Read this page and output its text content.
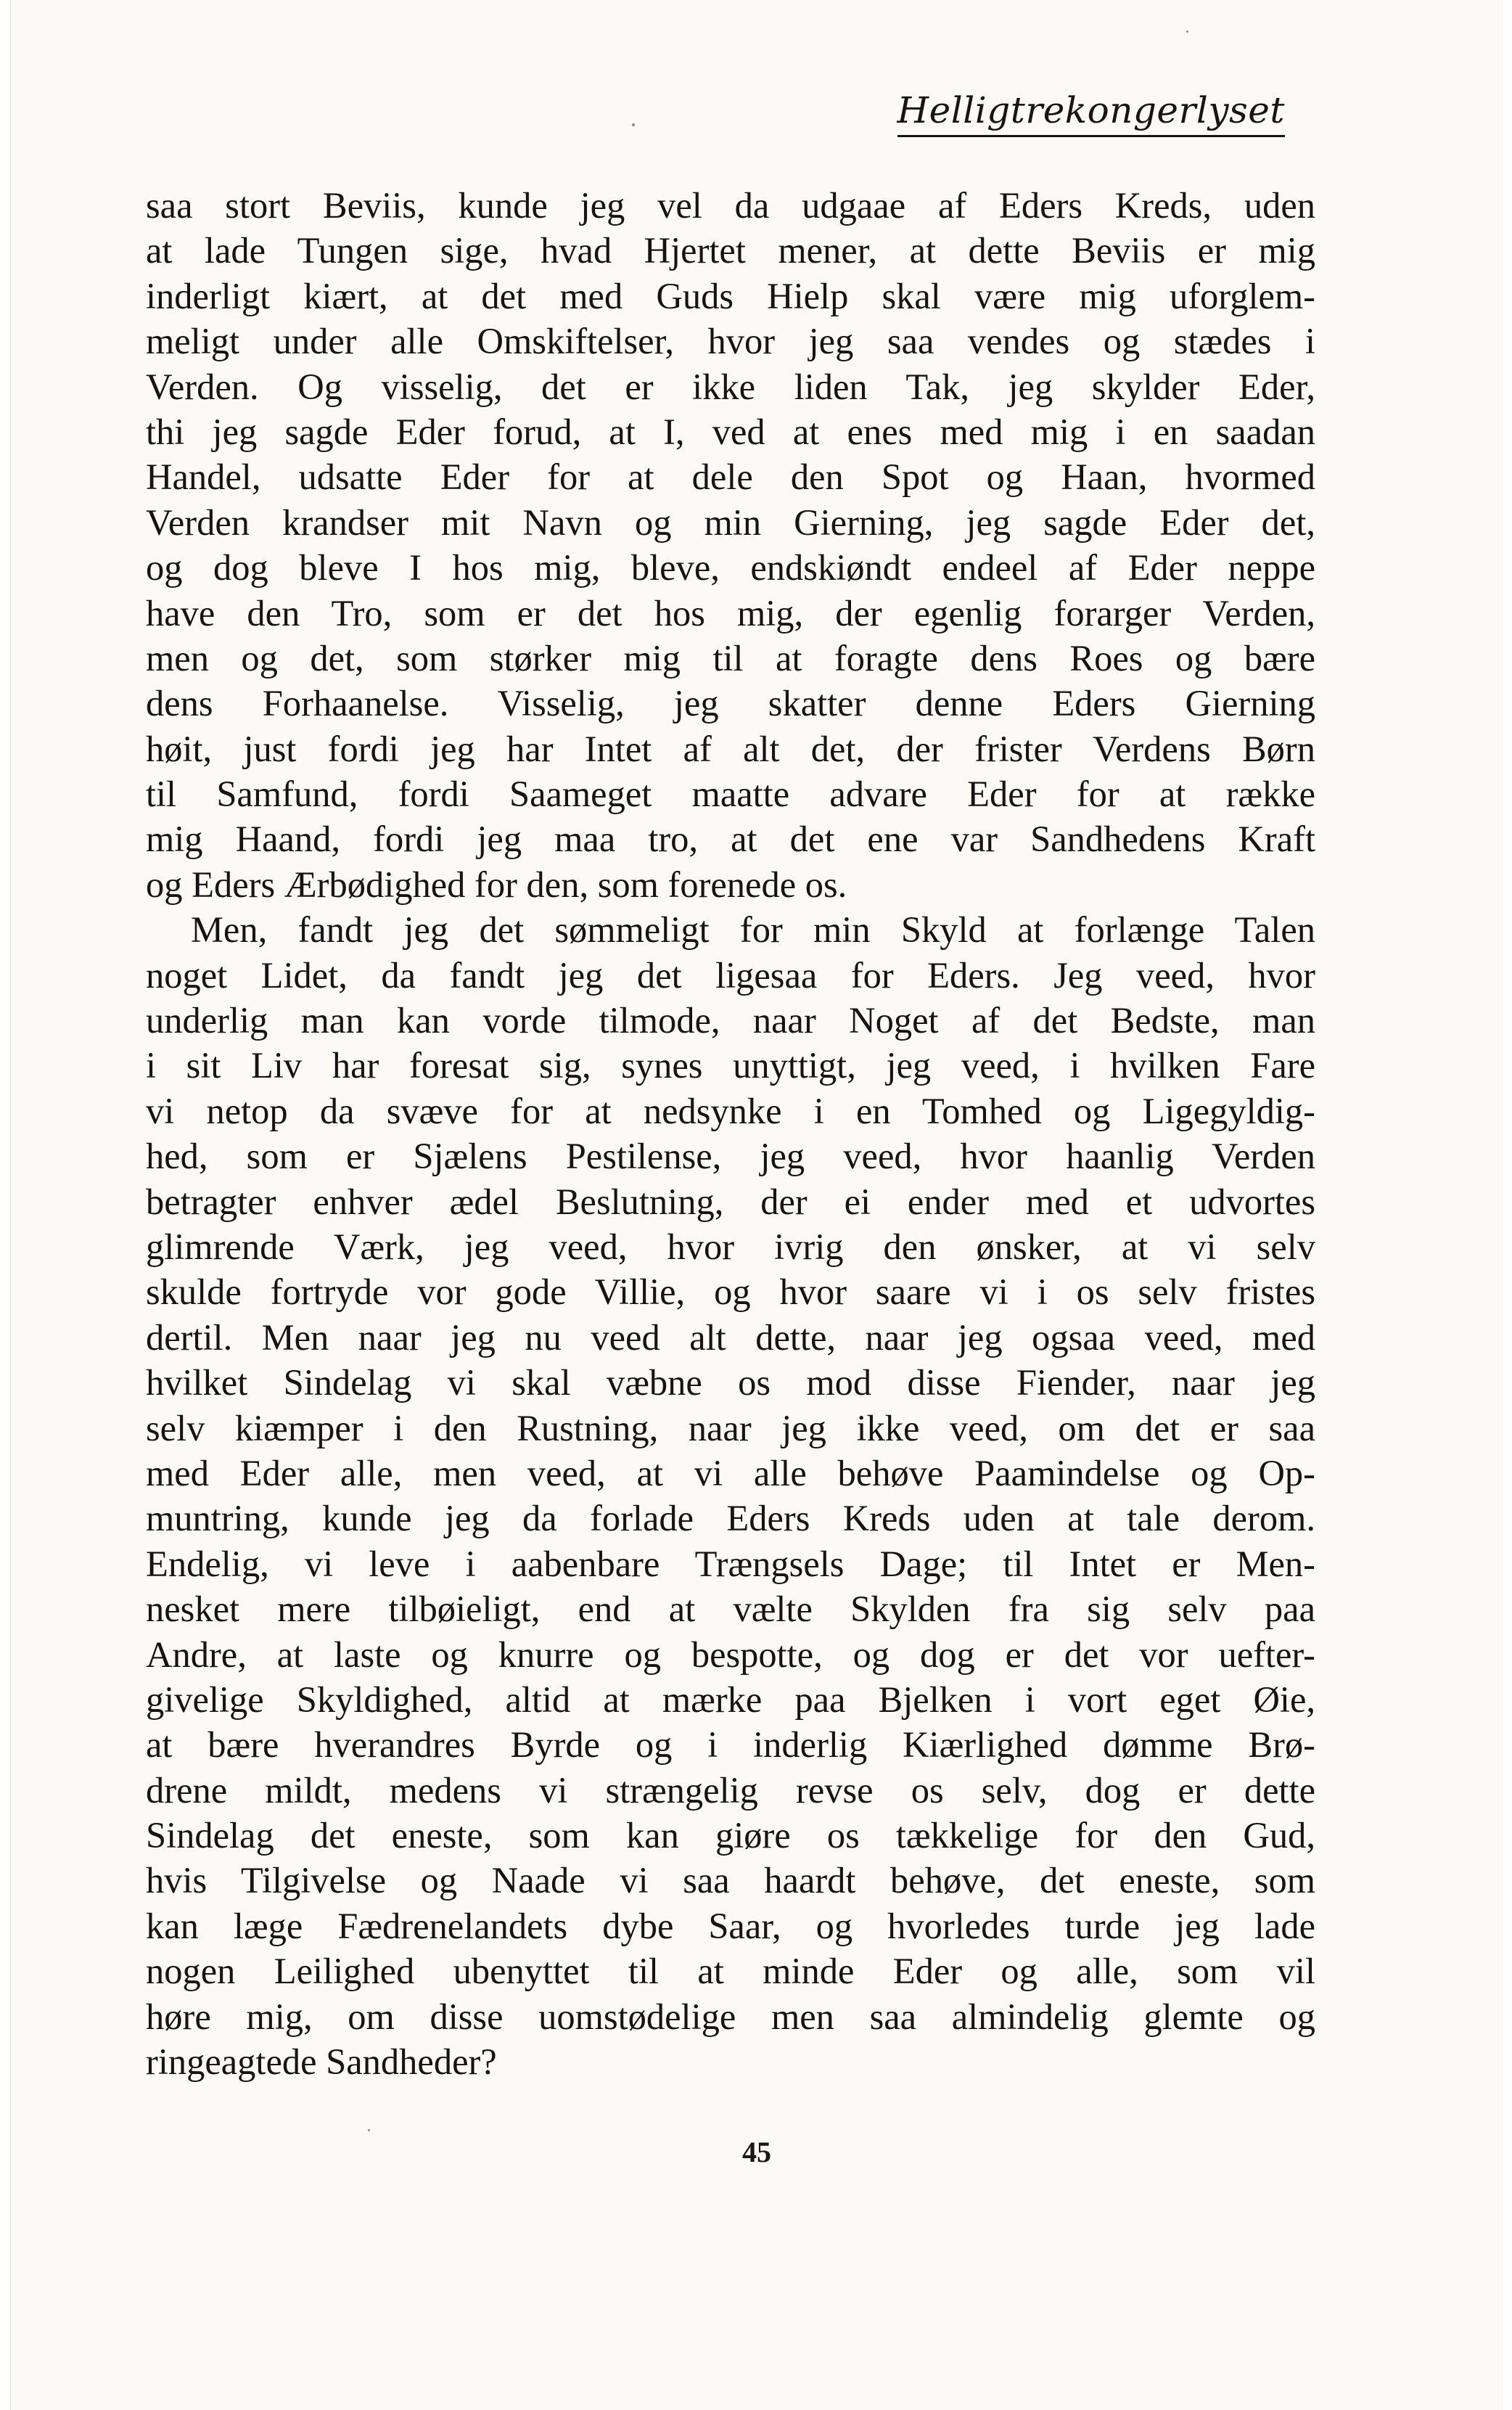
Helligtrekongerlyset
saa stort Beviis, kunde jeg vel da udgaae af Eders Kreds, uden
at lade Tungen sige, hvad Hjertet mener, at dette Beviis er mig
inderligt kiært, at det med Guds Hielp skal være mig uforglem-
meligt under alle Omskiftelser, hvor jeg saa vendes og stædes i
Verden. Og visselig, det er ikke liden Tak, jeg skylder Eder,
thi jeg sagde Eder forud, at I, ved at enes med mig i en saadan
Handel, udsatte Eder for at dele den Spot og Haan, hvormed
Verden krandser mit Navn og min Gierning, jeg sagde Eder det,
og dog bleve I hos mig, bleve, endskiøndt endeel af Eder neppe
have den Tro, som er det hos mig, der egenlig forarger Verden,
men og det, som størker mig til at foragte dens Roes og bære
dens Forhaanelse. Visselig, jeg skatter denne Eders Gierning
høit, just fordi jeg har Intet af alt det, der frister Verdens Børn
til Samfund, fordi Saameget maatte advare Eder for at række
mig Haand, fordi jeg maa tro, at det ene var Sandhedens Kraft
og Eders Ærbødighed for den, som forenede os.
Men, fandt jeg det sømmeligt for min Skyld at forlænge Talen
noget Lidet, da fandt jeg det ligesaa for Eders. Jeg veed, hvor
underlig man kan vorde tilmode, naar Noget af det Bedste, man
i sit Liv har foresat sig, synes unyttigt, jeg veed, i hvilken Fare
vi netop da svæve for at nedsynke i en Tomhed og Ligegyldig-
hed, som er Sjælens Pestilense, jeg veed, hvor haanlig Verden
betragter enhver ædel Beslutning, der ei ender med et udvortes
glimrende Værk, jeg veed, hvor ivrig den ønsker, at vi selv
skulde fortryde vor gode Villie, og hvor saare vi i os selv fristes
dertil. Men naar jeg nu veed alt dette, naar jeg ogsaa veed, med
hvilket Sindelag vi skal væbne os mod disse Fiender, naar jeg
selv kiæmper i den Rustning, naar jeg ikke veed, om det er saa
med Eder alle, men veed, at vi alle behøve Paamindelse og Op-
muntring, kunde jeg da forlade Eders Kreds uden at tale derom.
Endelig, vi leve i aabenbare Trængsels Dage; til Intet er Men-
nesket mere tilbøieligt, end at vælte Skylden fra sig selv paa
Andre, at laste og knurre og bespotte, og dog er det vor uefter-
givelige Skyldighed, altid at mærke paa Bjelken i vort eget Øie,
at bære hverandres Byrde og i inderlig Kiærlighed dømme Brø-
drene mildt, medens vi strængelig revse os selv, dog er dette
Sindelag det eneste, som kan giøre os tækkelige for den Gud,
hvis Tilgivelse og Naade vi saa haardt behøve, det eneste, som
kan læge Fædrenelandets dybe Saar, og hvorledes turde jeg lade
nogen Leilighed ubenyttet til at minde Eder og alle, som vil
høre mig, om disse uomstødelige men saa almindelig glemte og
ringeagtede Sandheder?
45
